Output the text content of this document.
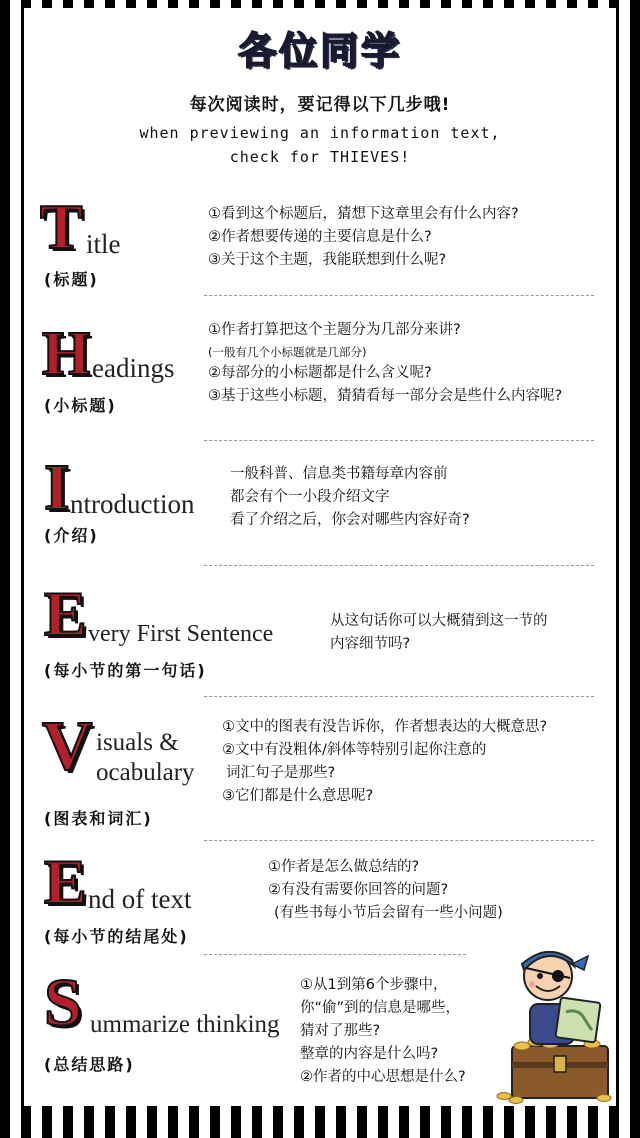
各位同学
每次阅读时，要记得以下几步哦!
when previewing an information text,
check for THIEVES!
T itle
(标题)
①看到这个标题后，猜想下这章里会有什么内容?
②作者想要传递的主要信息是什么?
③关于这个主题，我能联想到什么呢?
H eadings
(小标题)
①作者打算把这个主题分为几部分来讲?
(一般有几个小标题就是几部分)
②每部分的小标题都是什么含义呢?
③基于这些小标题，猜猜看每一部分会是些什么内容呢?
I ntroduction
(介绍)
一般科普、信息类书籍每章内容前
都会有个一小段介绍文字
看了介绍之后，你会对哪些内容好奇?
E very First Sentence
(每小节的第一句话)
从这句话你可以大概猜到这一节的
内容细节吗?
V isuals &
ocabulary
(图表和词汇)
①文中的图表有没告诉你，作者想表达的大概意思?
②文中有没粗体/斜体等特别引起你注意的
词汇句子是那些?
③它们都是什么意思呢?
E nd of text
(每小节的结尾处)
①作者是怎么做总结的?
②有没有需要你回答的问题?
(有些书每小节后会留有一些小问题)
S ummarize thinking
(总结思路)
①从1到第6个步骤中，
你“偷”到的信息是哪些，
猜对了那些?
整章的内容是什么吗?
②作者的中心思想是什么?
